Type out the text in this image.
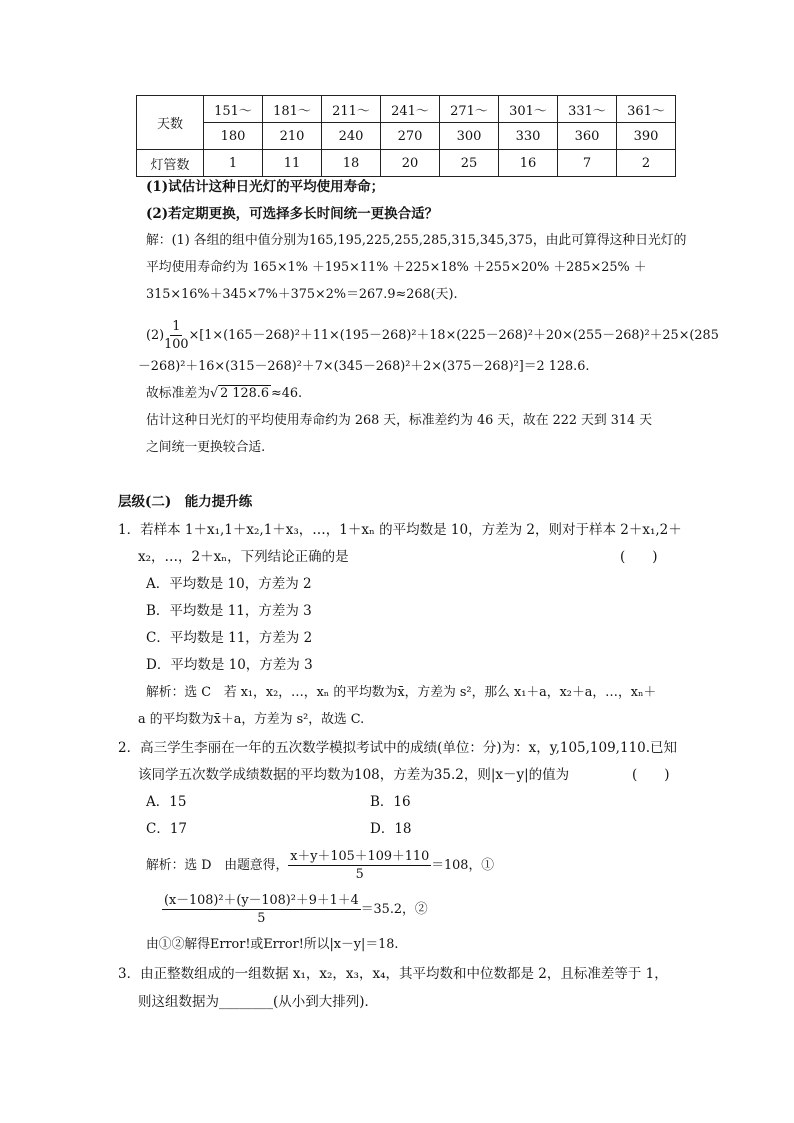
天数	151～	181～	211～	241～	271～	301～	331～	361～
	180	210	240	270	300	330	360	390
灯管数	1	11	18	20	25	16	7	2
(1)试估计这种日光灯的平均使用寿命；
(2)若定期更换，可选择多长时间统一更换合适？
解：(1) 各组的组中值分别为165,195,225,255,285,315,345,375，由此可算得这种日光灯的
平均使用寿命约为 165×1% ＋195×11% ＋225×18% ＋255×20% ＋285×25% ＋
315×16%＋345×7%＋375×2%＝267.9≈268(天).
$(2) \frac{1}{100} \times[1\times(165-268)^2+11\times(195-268)^2+18\times(225-268)^2+20\times(255-268)^2+25\times(285$
－268)²＋16×(315－268)²＋7×(345－268)²＋2×(375－268)²]＝2 128.6.
故标准差为√ 2 128.6 ≈46.
估计这种日光灯的平均使用寿命约为 268 天，标准差约为 46 天，故在 222 天到 314 天
之间统一更换较合适.
层级(二)　能力提升练
1．若样本 1＋x₁,1＋x₂,1＋x₃，…，1＋xₙ 的平均数是 10，方差为 2，则对于样本 2＋x₁,2＋
x₂，…，2＋xₙ，下列结论正确的是	(　　)
A．平均数是 10，方差为 2
B．平均数是 11，方差为 3
C．平均数是 11，方差为 2
D．平均数是 10，方差为 3
解析：选 C　若 x₁，x₂，…，xₙ 的平均数为x̄，方差为 s²，那么 x₁＋a，x₂＋a，…，xₙ＋
a 的平均数为x̄＋a，方差为 s²，故选 C.
2．高三学生李丽在一年的五次数学模拟考试中的成绩(单位：分)为：x，y,105,109,110.已知
该同学五次数学成绩数据的平均数为108，方差为35.2，则|x－y|的值为	(　　)
A．15	B．16
C．17	D．18
解析：选 D　由题意得， $\frac{x+y+105+109+110}{5} =108$，①
$\frac{\text{(x－108)²＋(y－108)²＋9＋1＋4}}{5} =35.2$，②
由①②解得Error!或Error!所以|x－y|＝18.
3．由正整数组成的一组数据 x₁，x₂，x₃，x₄，其平均数和中位数都是 2，且标准差等于 1，
则这组数据为________(从小到大排列)．
